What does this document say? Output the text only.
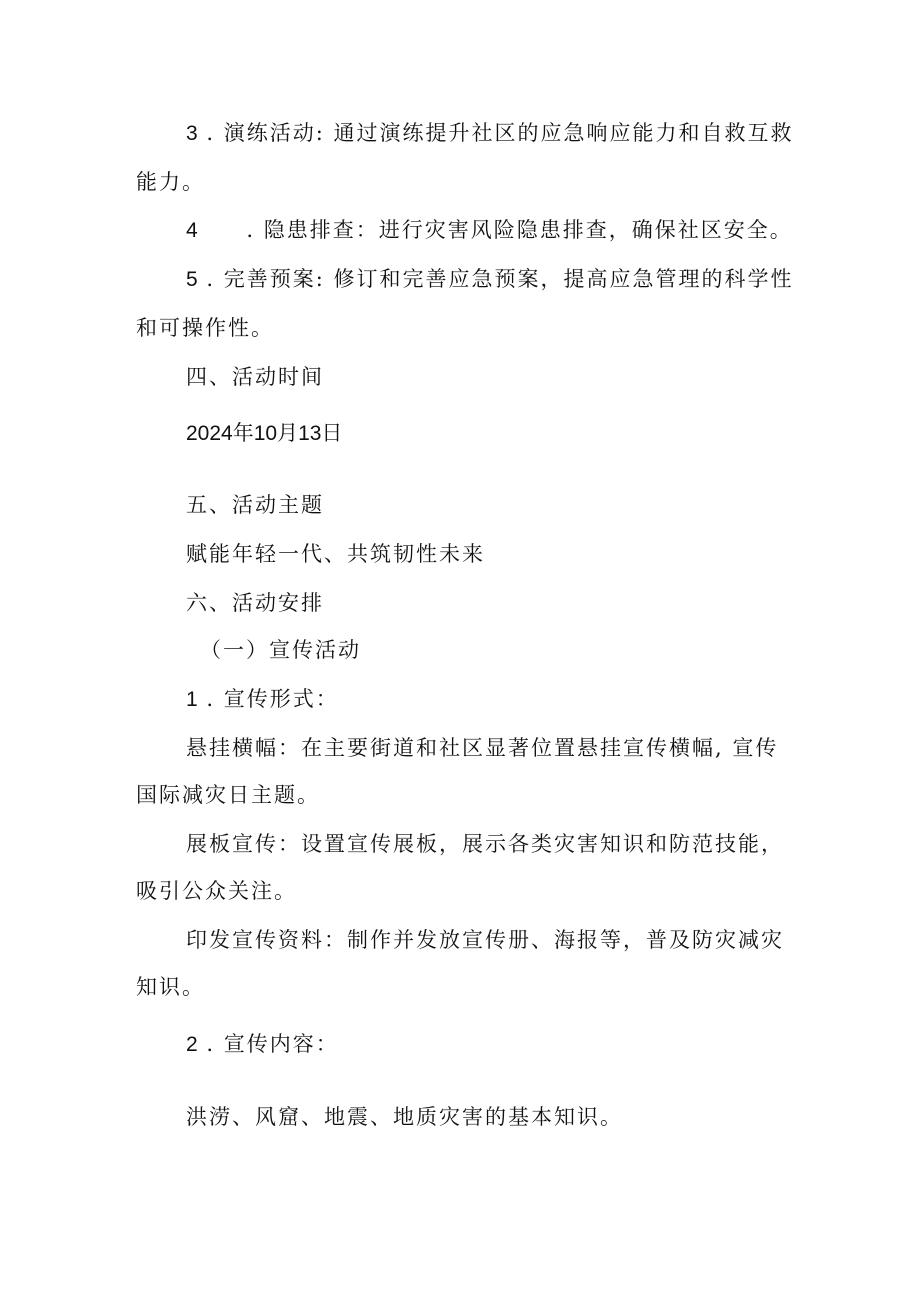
3 . 演练活动: 通过演练提升社区的应急响应能力和自救互救
能力。
4 . 隐患排查：进行灾害风险隐患排查，确保社区安全。
5 . 完善预案: 修订和完善应急预案，提高应急管理的科学性
和可操作性。
四、活动时间
2024年10月13日
五、活动主题
赋能年轻一代、共筑韧性未来
六、活动安排
（一）宣传活动
1 . 宣传形式：
悬挂横幅：在主要街道和社区显著位置悬挂宣传横幅, 宣传
国际减灾日主题。
展板宣传：设置宣传展板，展示各类灾害知识和防范技能，
吸引公众关注。
印发宣传资料：制作并发放宣传册、海报等，普及防灾减灾
知识。
2 . 宣传内容：
洪涝、风窟、地震、地质灾害的基本知识。
